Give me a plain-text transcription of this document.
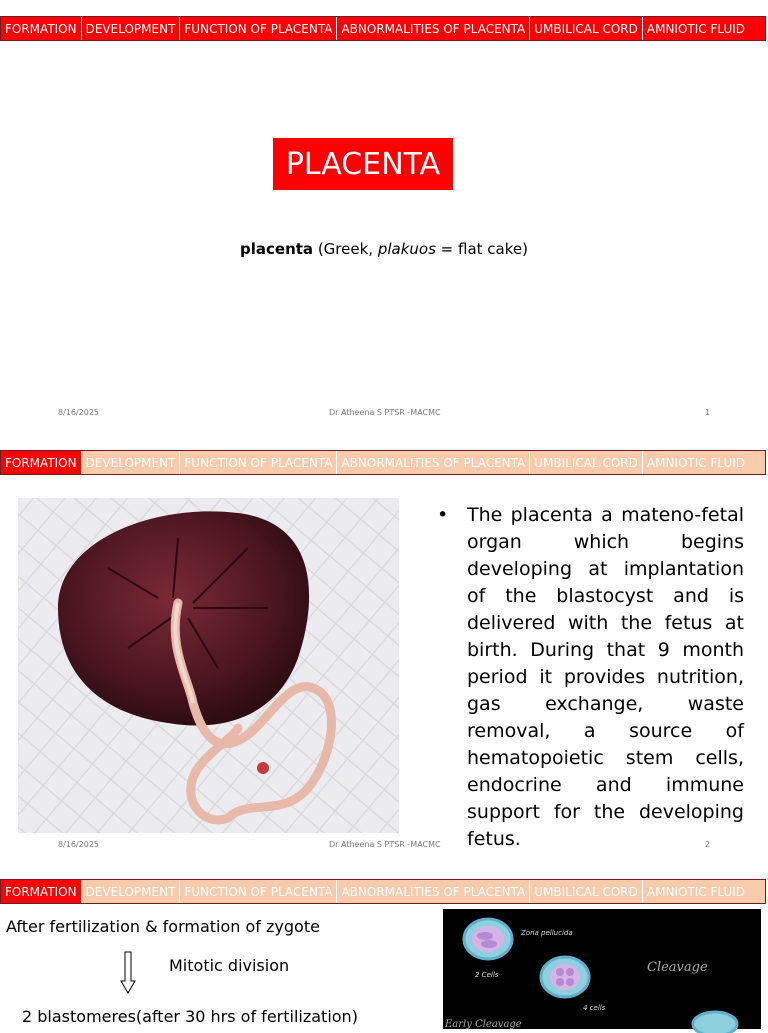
FORMATION DEVELOPMENT FUNCTION OF PLACENTA ABNORMALITIES OF PLACENTA UMBILICAL CORD AMNIOTIC FLUID
PLACENTA
placenta (Greek, plakuos = flat cake)
8/16/2025	Dr Atheena S PTSR -MACMC	1
FORMATION DEVELOPMENT FUNCTION OF PLACENTA ABNORMALITIES OF PLACENTA UMBILICAL CORD AMNIOTIC FLUID
• The placenta a mateno-fetal organ which begins developing at implantation of the blastocyst and is delivered with the fetus at birth. During that 9 month period it provides nutrition, gas exchange, waste removal, a source of hematopoietic stem cells, endocrine and immune support for the developing fetus.

8/16/2025	Dr Atheena S PTSR -MACMC	2
FORMATION DEVELOPMENT FUNCTION OF PLACENTA ABNORMALITIES OF PLACENTA UMBILICAL CORD AMNIOTIC FLUID
After fertilization & formation of zygote
Mitotic division
2 blastomeres(after 30 hrs of fertilization)
Zona pellucida
2 Cells
4 cells
Cleavage
Early Cleavage
